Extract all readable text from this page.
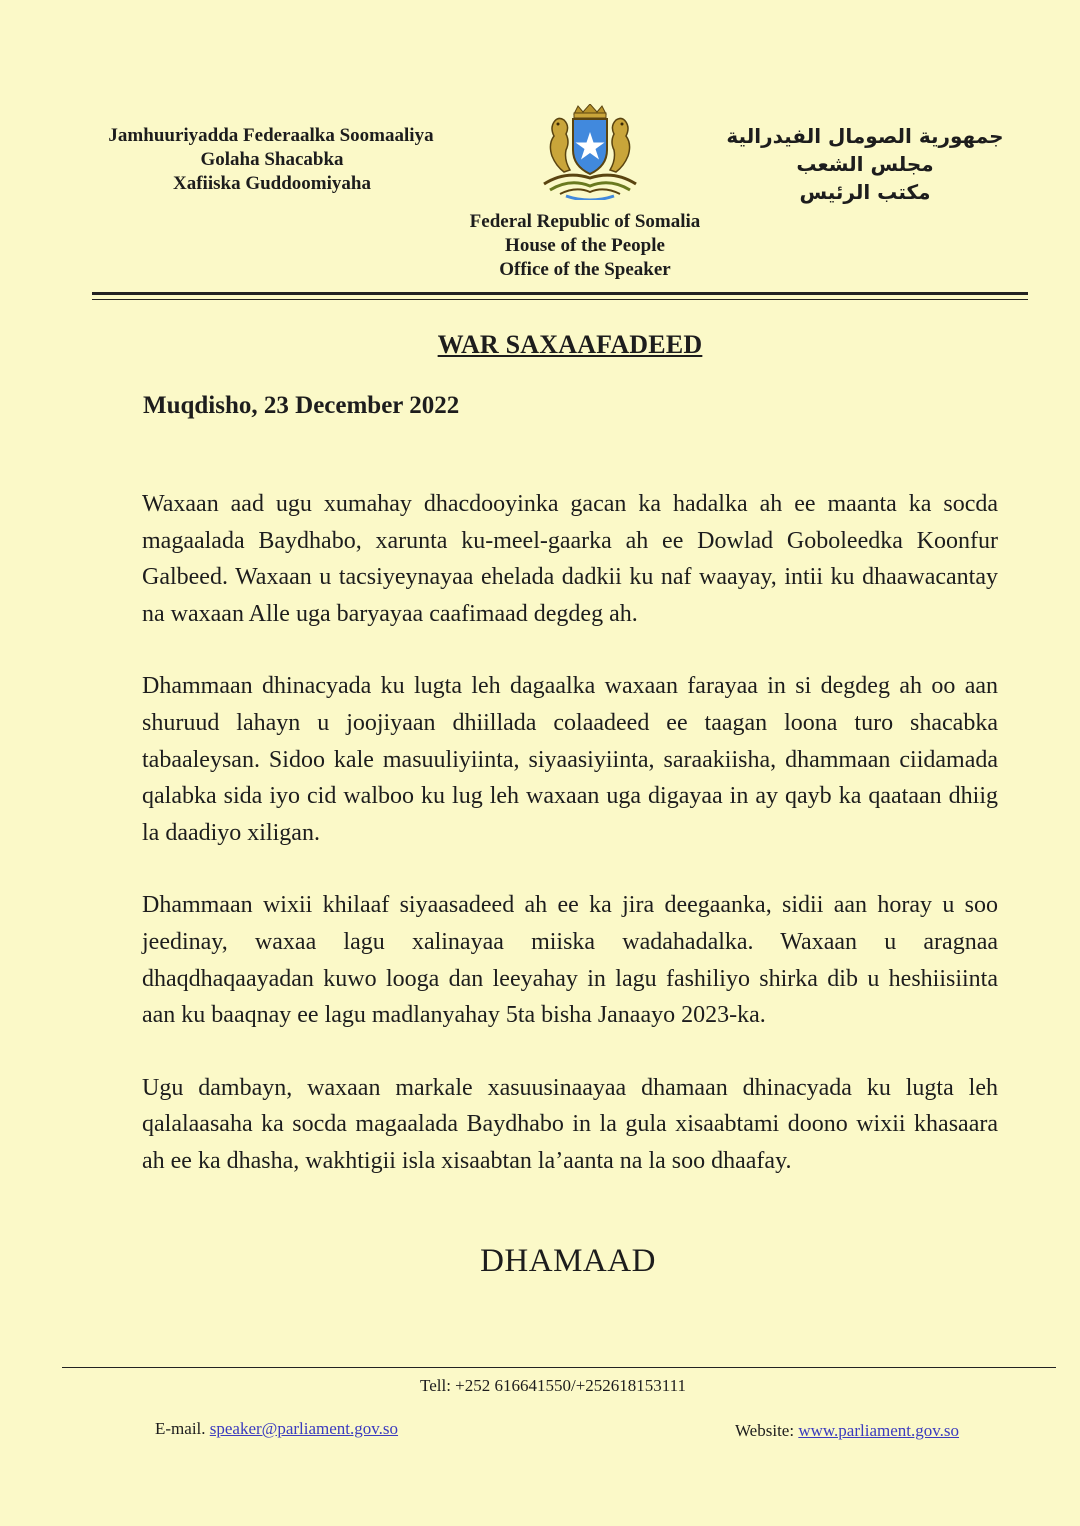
Jamhuuriyadda Federaalka Soomaaliya
Golaha Shacabka
Xafiiska Guddoomiyaha
جمهورية الصومال الفيدرالية
مجلس الشعب
مكتب الرئيس
Federal Republic of Somalia
House of the People
Office of the Speaker
WAR SAXAAFADEED
Muqdisho, 23 December 2022

Waxaan aad ugu xumahay dhacdooyinka gacan ka hadalka ah ee maanta ka socda magaalada Baydhabo, xarunta ku-meel-gaarka ah ee Dowlad Goboleedka Koonfur Galbeed. Waxaan u tacsiyeynayaa ehelada dadkii ku naf waayay, intii ku dhaawacantay na waxaan Alle uga baryayaa caafimaad degdeg ah.

Dhammaan dhinacyada ku lugta leh dagaalka waxaan farayaa in si degdeg ah oo aan shuruud lahayn u joojiyaan dhiillada colaadeed ee taagan loona turo shacabka tabaaleysan. Sidoo kale masuuliyiinta, siyaasiyiinta, saraakiisha, dhammaan ciidamada qalabka sida iyo cid walboo ku lug leh waxaan uga digayaa in ay qayb ka qaataan dhiig la daadiyo xiligan.

Dhammaan wixii khilaaf siyaasadeed ah ee ka jira deegaanka, sidii aan horay u soo jeedinay, waxaa lagu xalinayaa miiska wadahadalka. Waxaan u aragnaa dhaqdhaqaayadan kuwo looga dan leeyahay in lagu fashiliyo shirka dib u heshiisiinta aan ku baaqnay ee lagu madlanyahay 5ta bisha Janaayo 2023-ka.

Ugu dambayn, waxaan markale xasuusinaayaa dhamaan dhinacyada ku lugta leh qalalaasaha ka socda magaalada Baydhabo in la gula xisaabtami doono wixii khasaara ah ee ka dhasha, wakhtigii isla xisaabtan la’aanta na la soo dhaafay.

DHAMAAD
Tell: +252 616641550/+252618153111
E-mail. speaker@parliament.gov.so	Website: www.parliament.gov.so
